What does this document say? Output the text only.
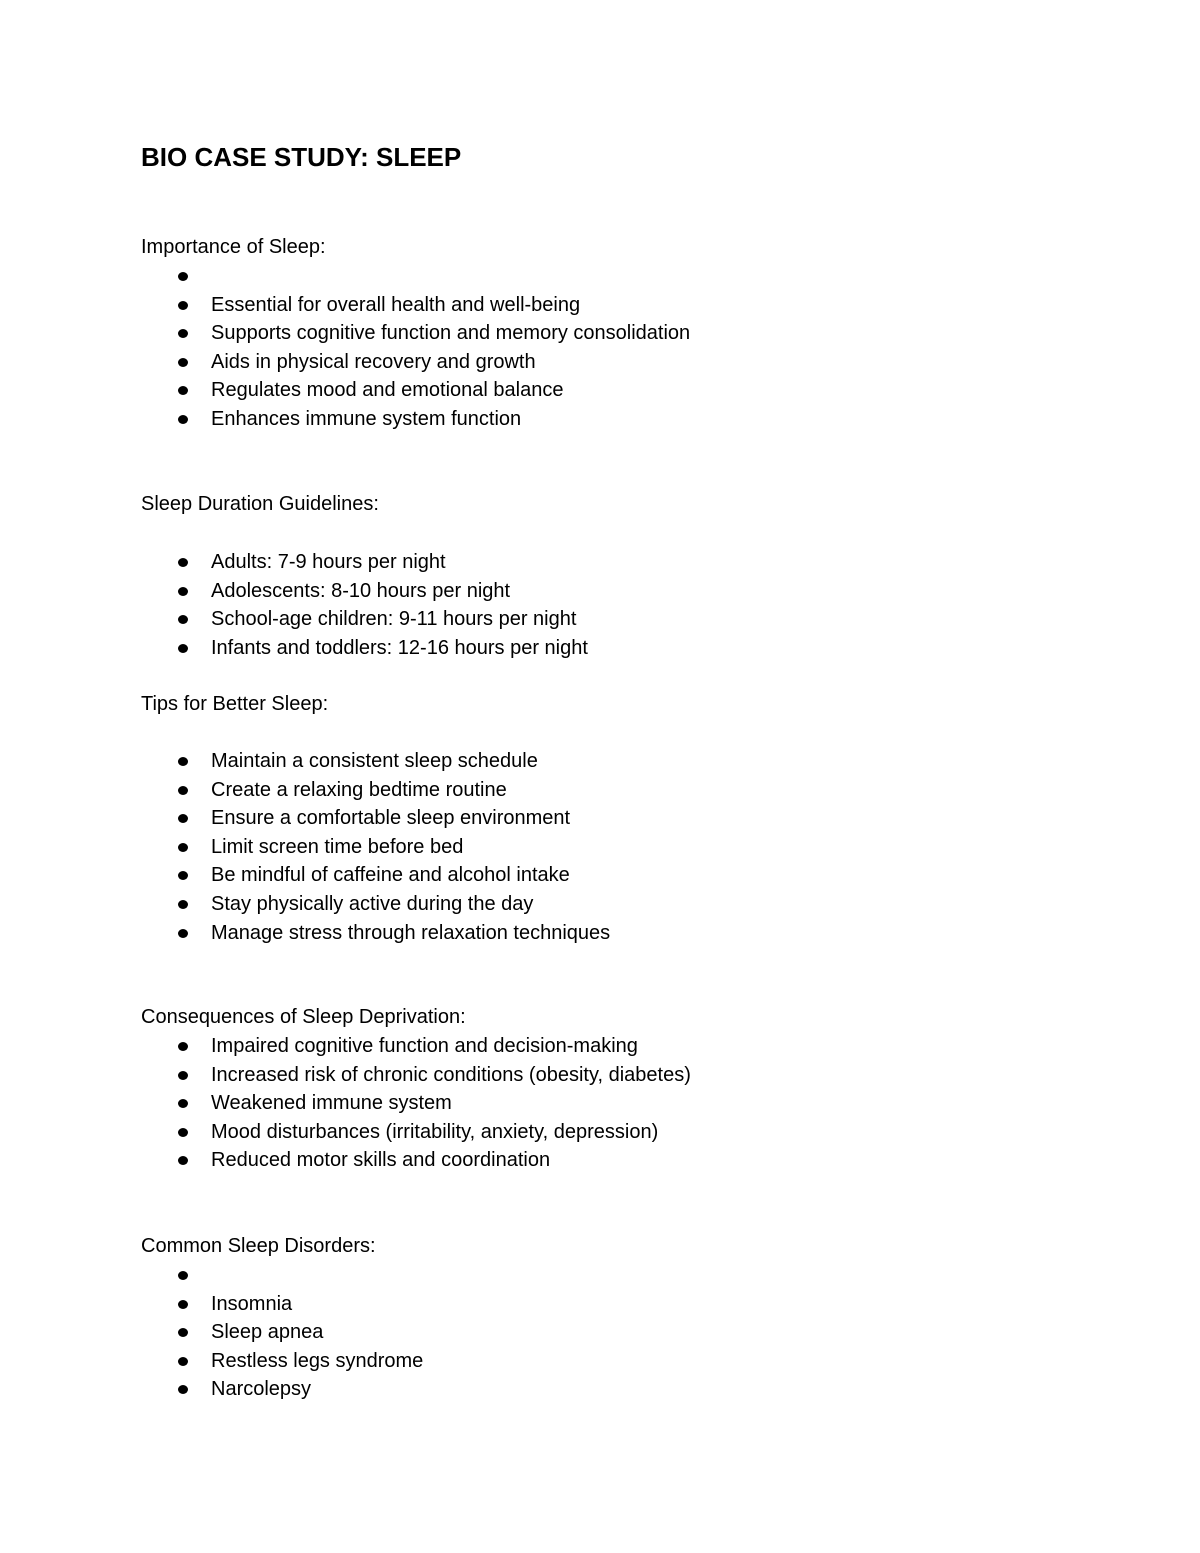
BIO CASE STUDY: SLEEP
Importance of Sleep:
Essential for overall health and well-being
Supports cognitive function and memory consolidation
Aids in physical recovery and growth
Regulates mood and emotional balance
Enhances immune system function
Sleep Duration Guidelines:
Adults: 7-9 hours per night
Adolescents: 8-10 hours per night
School-age children: 9-11 hours per night
Infants and toddlers: 12-16 hours per night
Tips for Better Sleep:
Maintain a consistent sleep schedule
Create a relaxing bedtime routine
Ensure a comfortable sleep environment
Limit screen time before bed
Be mindful of caffeine and alcohol intake
Stay physically active during the day
Manage stress through relaxation techniques
Consequences of Sleep Deprivation:
Impaired cognitive function and decision-making
Increased risk of chronic conditions (obesity, diabetes)
Weakened immune system
Mood disturbances (irritability, anxiety, depression)
Reduced motor skills and coordination
Common Sleep Disorders:
Insomnia
Sleep apnea
Restless legs syndrome
Narcolepsy
